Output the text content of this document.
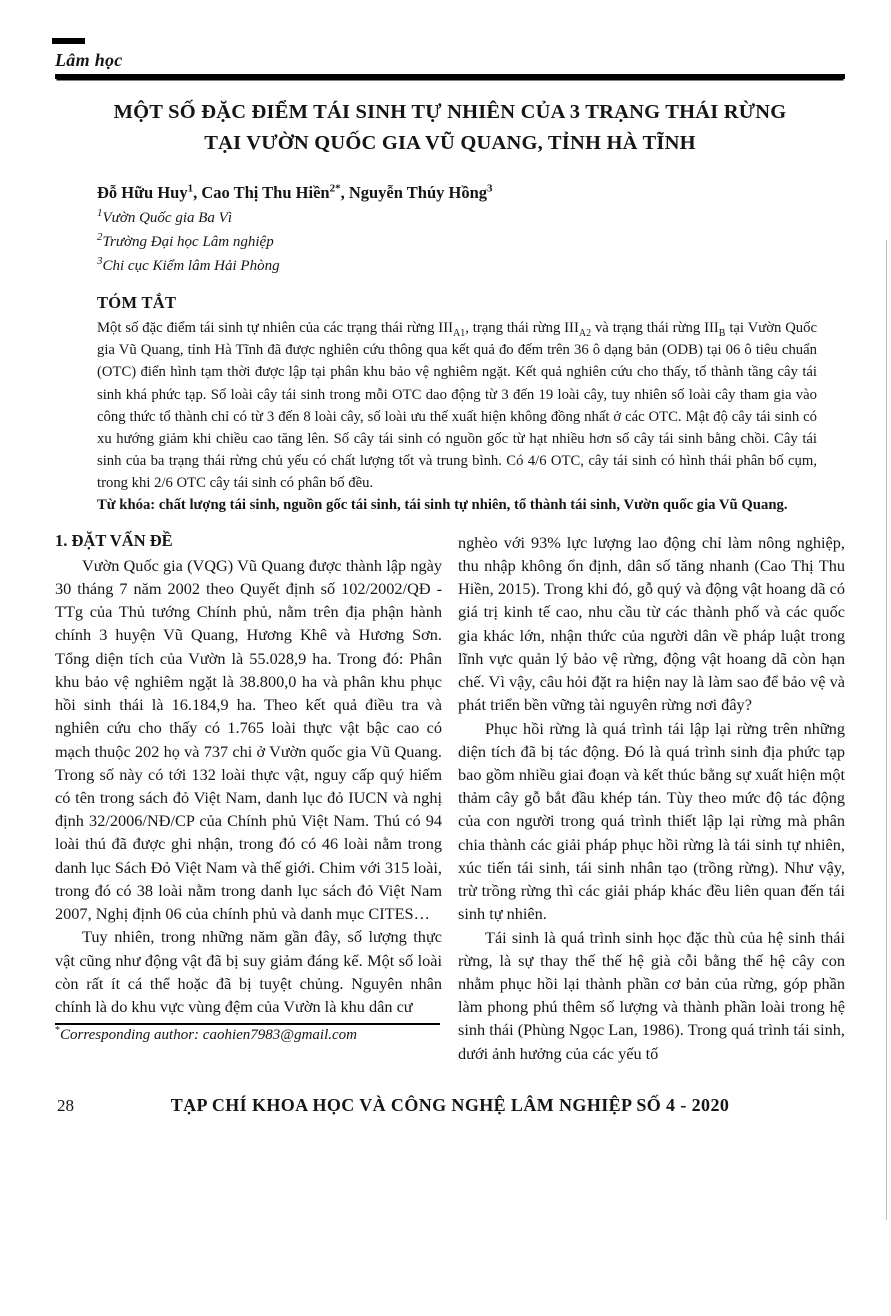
Lâm học
MỘT SỐ ĐẶC ĐIỂM TÁI SINH TỰ NHIÊN CỦA 3 TRẠNG THÁI RỪNG
TẠI VƯỜN QUỐC GIA VŨ QUANG, TỈNH HÀ TĨNH

Đỗ Hữu Huy$^1$, Cao Thị Thu Hiền$^{2*}$, Nguyễn Thúy Hồng$^3$

$^1$Vườn Quốc gia Ba Vì

$^2$Trường Đại học Lâm nghiệp

$^3$Chi cục Kiểm lâm Hải Phòng

TÓM TẮT

Một số đặc điểm tái sinh tự nhiên của các trạng thái rừng $III_{A1}$, trạng thái rừng $III_{A2}$ và trạng thái rừng $III_B$ tại Vườn Quốc gia Vũ Quang, tỉnh Hà Tĩnh đã được nghiên cứu thông qua kết quả đo đếm trên 36 ô dạng bản (ODB) tại 06 ô tiêu chuẩn (OTC) điển hình tạm thời được lập tại phân khu bảo vệ nghiêm ngặt. Kết quả nghiên cứu cho thấy, tổ thành tầng cây tái sinh khá phức tạp. Số loài cây tái sinh trong mỗi OTC dao động từ 3 đến 19 loài cây, tuy nhiên số loài cây tham gia vào công thức tổ thành chỉ có từ 3 đến 8 loài cây, số loài ưu thế xuất hiện không đồng nhất ở các OTC. Mật độ cây tái sinh có xu hướng giảm khi chiều cao tăng lên. Số cây tái sinh có nguồn gốc từ hạt nhiều hơn số cây tái sinh bằng chồi. Cây tái sinh của ba trạng thái rừng chủ yếu có chất lượng tốt và trung bình. Có 4/6 OTC, cây tái sinh có hình thái phân bố cụm, trong khi 2/6 OTC cây tái sinh có phân bố đều.

Từ khóa: chất lượng tái sinh, nguồn gốc tái sinh, tái sinh tự nhiên, tổ thành tái sinh, Vườn quốc gia Vũ Quang.

1. ĐẶT VẤN ĐỀ

Vườn Quốc gia (VQG) Vũ Quang được thành lập ngày 30 tháng 7 năm 2002 theo Quyết định số 102/2002/QĐ - TTg của Thủ tướng Chính phủ, nằm trên địa phận hành chính 3 huyện Vũ Quang, Hương Khê và Hương Sơn. Tổng diện tích của Vườn là 55.028,9 ha. Trong đó: Phân khu bảo vệ nghiêm ngặt là 38.800,0 ha và phân khu phục hồi sinh thái là 16.184,9 ha. Theo kết quả điều tra và nghiên cứu cho thấy có 1.765 loài thực vật bậc cao có mạch thuộc 202 họ và 737 chi ở Vườn quốc gia Vũ Quang. Trong số này có tới 132 loài thực vật, nguy cấp quý hiếm có tên trong sách đỏ Việt Nam, danh lục đỏ IUCN và nghị định 32/2006/NĐ/CP của Chính phủ Việt Nam. Thú có 94 loài thú đã được ghi nhận, trong đó có 46 loài nằm trong danh lục Sách Đỏ Việt Nam và thế giới. Chim với 315 loài, trong đó có 38 loài nằm trong danh lục sách đỏ Việt Nam 2007, Nghị định 06 của chính phủ và danh mục CITES…

Tuy nhiên, trong những năm gần đây, số lượng thực vật cũng như động vật đã bị suy giảm đáng kể. Một số loài còn rất ít cá thể hoặc đã bị tuyệt chủng. Nguyên nhân chính là do khu vực vùng đệm của Vườn là khu dân cư

*Corresponding author: caohien7983@gmail.com

nghèo với 93% lực lượng lao động chỉ làm nông nghiệp, thu nhập không ổn định, dân số tăng nhanh (Cao Thị Thu Hiền, 2015). Trong khi đó, gỗ quý và động vật hoang dã có giá trị kinh tế cao, nhu cầu từ các thành phố và các quốc gia khác lớn, nhận thức của người dân về pháp luật trong lĩnh vực quản lý bảo vệ rừng, động vật hoang dã còn hạn chế. Vì vậy, câu hỏi đặt ra hiện nay là làm sao để bảo vệ và phát triển bền vững tài nguyên rừng nơi đây?

Phục hồi rừng là quá trình tái lập lại rừng trên những diện tích đã bị tác động. Đó là quá trình sinh địa phức tạp bao gồm nhiều giai đoạn và kết thúc bằng sự xuất hiện một thảm cây gỗ bắt đầu khép tán. Tùy theo mức độ tác động của con người trong quá trình thiết lập lại rừng mà phân chia thành các giải pháp phục hồi rừng là tái sinh tự nhiên, xúc tiến tái sinh, tái sinh nhân tạo (trồng rừng). Như vậy, trừ trồng rừng thì các giải pháp khác đều liên quan đến tái sinh tự nhiên.

Tái sinh là quá trình sinh học đặc thù của hệ sinh thái rừng, là sự thay thế thế hệ già cỗi bằng thế hệ cây con nhằm phục hồi lại thành phần cơ bản của rừng, góp phần làm phong phú thêm số lượng và thành phần loài trong hệ sinh thái (Phùng Ngọc Lan, 1986). Trong quá trình tái sinh, dưới ảnh hưởng của các yếu tố

28	TẠP CHÍ KHOA HỌC VÀ CÔNG NGHỆ LÂM NGHIỆP SỐ 4 - 2020
